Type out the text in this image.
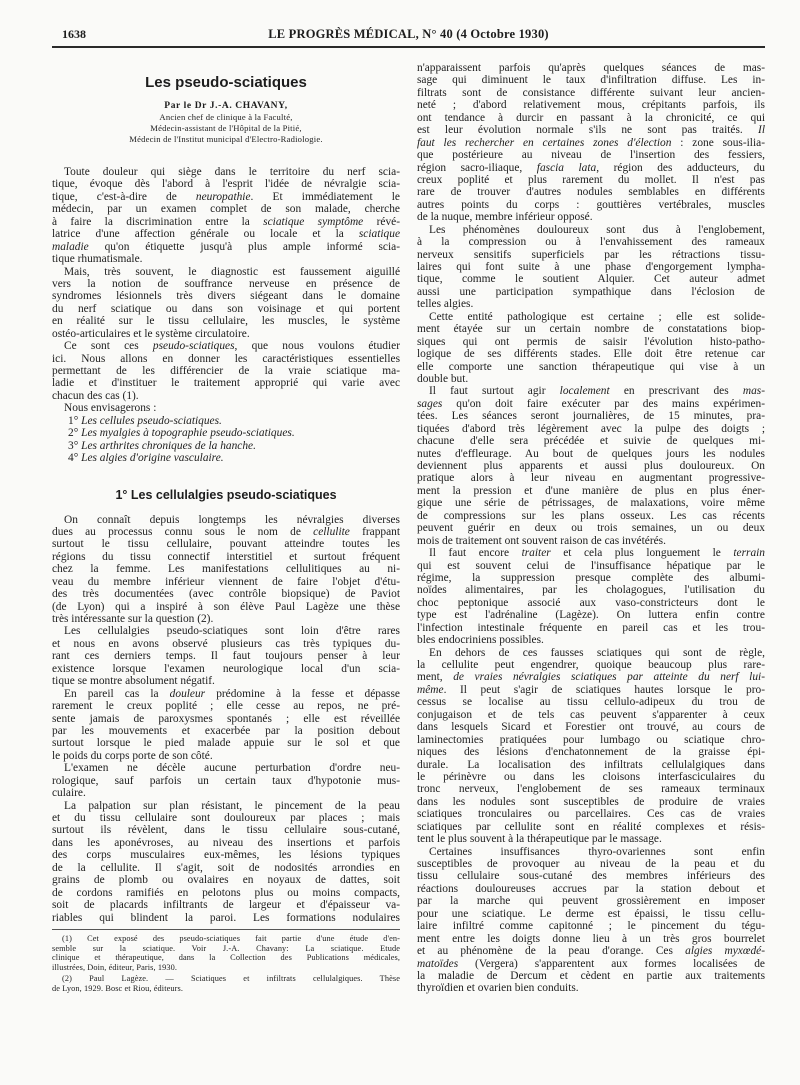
1638	LE PROGRÈS MÉDICAL, N° 40 (4 Octobre 1930)
Les pseudo-sciatiques
Par le Dr J.-A. CHAVANY,
Ancien chef de clinique à la Faculté,
Médecin-assistant de l'Hôpital de la Pitié,
Médecin de l'Institut municipal d'Electro-Radiologie.
Toute douleur qui siège dans le territoire du nerf scia-
tique, évoque dès l'abord à l'esprit l'idée de névralgie scia-
tique, c'est-à-dire de neuropathie. Et immédiatement le
médecin, par un examen complet de son malade, cherche
à faire la discrimination entre la sciatique symptôme révé-
latrice d'une affection générale ou locale et la sciatique
maladie qu'on étiquette jusqu'à plus ample informé scia-
tique rhumatismale.
Mais, très souvent, le diagnostic est faussement aiguillé
vers la notion de souffrance nerveuse en présence de
syndromes lésionnels très divers siégeant dans le domaine
du nerf sciatique ou dans son voisinage et qui portent
en réalité sur le tissu cellulaire, les muscles, le système
ostéo-articulaires et le système circulatoire.
Ce sont ces pseudo-sciatiques, que nous voulons étudier
ici. Nous allons en donner les caractéristiques essentielles
permettant de les différencier de la vraie sciatique ma-
ladie et d'instituer le traitement approprié qui varie avec
chacun des cas (1).
Nous envisagerons :
1° Les cellules pseudo-sciatiques.
2° Les myalgies à topographie pseudo-sciatiques.
3° Les arthrites chroniques de la hanche.
4° Les algies d'origine vasculaire.
1° Les cellulalgies pseudo-sciatiques
On connaît depuis longtemps les névralgies diverses
dues au processus connu sous le nom de cellulite frappant
surtout le tissu cellulaire, pouvant atteindre toutes les
régions du tissu connectif interstitiel et surtout fréquent
chez la femme. Les manifestations cellulitiques au ni-
veau du membre inférieur viennent de faire l'objet d'étu-
des très documentées (avec contrôle biopsique) de Paviot
(de Lyon) qui a inspiré à son élève Paul Lagèze une thèse
très intéressante sur la question (2).
Les cellulalgies pseudo-sciatiques sont loin d'être rares
et nous en avons observé plusieurs cas très typiques du-
rant ces derniers temps. Il faut toujours penser à leur
existence lorsque l'examen neurologique local d'un scia-
tique se montre absolument négatif.
En pareil cas la douleur prédomine à la fesse et dépasse
rarement le creux poplité ; elle cesse au repos, ne pré-
sente jamais de paroxysmes spontanés ; elle est réveillée
par les mouvements et exacerbée par la position debout
surtout lorsque le pied malade appuie sur le sol et que
le poids du corps porte de son côté.
L'examen ne décèle aucune perturbation d'ordre neu-
rologique, sauf parfois un certain taux d'hypotonie mus-
culaire.
La palpation sur plan résistant, le pincement de la peau
et du tissu cellulaire sont douloureux par places ; mais
surtout ils révèlent, dans le tissu cellulaire sous-cutané,
dans les aponévroses, au niveau des insertions et parfois
des corps musculaires eux-mêmes, les lésions typiques
de la cellulite. Il s'agit, soit de nodosités arrondies en
grains de plomb ou ovalaires en noyaux de dattes, soit
de cordons ramifiés en pelotons plus ou moins compacts,
soit de placards infiltrants de largeur et d'épaisseur va-
riables qui blindent la paroi. Les formations nodulaires
n'apparaissent parfois qu'après quelques séances de mas-
sage qui diminuent le taux d'infiltration diffuse. Les in-
filtrats sont de consistance différente suivant leur ancien-
neté ; d'abord relativement mous, crépitants parfois, ils
ont tendance à durcir en passant à la chronicité, ce qui
est leur évolution normale s'ils ne sont pas traités. Il
faut les rechercher en certaines zones d'élection : zone sous-ilia-
que postérieure au niveau de l'insertion des fessiers,
région sacro-iliaque, fascia lata, région des adducteurs, du
creux poplité et plus rarement du mollet. Il n'est pas
rare de trouver d'autres nodules semblables en différents
autres points du corps : gouttières vertébrales, muscles
de la nuque, membre inférieur opposé.
Les phénomènes douloureux sont dus à l'englobement,
à la compression ou à l'envahissement des rameaux
nerveux sensitifs superficiels par les rétractions tissu-
laires qui font suite à une phase d'engorgement lympha-
tique, comme le soutient Alquier. Cet auteur admet
aussi une participation sympathique dans l'éclosion de
telles algies.
Cette entité pathologique est certaine ; elle est solide-
ment étayée sur un certain nombre de constatations biop-
siques qui ont permis de saisir l'évolution histo-patho-
logique de ses différents stades. Elle doit être retenue car
elle comporte une sanction thérapeutique qui vise à un
double but.
Il faut surtout agir localement en prescrivant des mas-
sages qu'on doit faire exécuter par des mains expérimen-
tées. Les séances seront journalières, de 15 minutes, pra-
tiquées d'abord très légèrement avec la pulpe des doigts ;
chacune d'elle sera précédée et suivie de quelques mi-
nutes d'effleurage. Au bout de quelques jours les nodules
deviennent plus apparents et aussi plus douloureux. On
pratique alors à leur niveau en augmentant progressive-
ment la pression et d'une manière de plus en plus éner-
gique une série de pétrissages, de malaxations, voire même
de compressions sur les plans osseux. Les cas récents
peuvent guérir en deux ou trois semaines, un ou deux
mois de traitement ont souvent raison de cas invétérés.
Il faut encore traiter et cela plus longuement le terrain
qui est souvent celui de l'insuffisance hépatique par le
régime, la suppression presque complète des albumi-
noïdes alimentaires, par les cholagogues, l'utilisation du
choc peptonique associé aux vaso-constricteurs dont le
type est l'adrénaline (Lagèze). On luttera enfin contre
l'infection intestinale fréquente en pareil cas et les trou-
bles endocriniens possibles.
En dehors de ces fausses sciatiques qui sont de règle,
la cellulite peut engendrer, quoique beaucoup plus rare-
ment, de vraies névralgies sciatiques par atteinte du nerf lui-
même. Il peut s'agir de sciatiques hautes lorsque le pro-
cessus se localise au tissu cellulo-adipeux du trou de
conjugaison et de tels cas peuvent s'apparenter à ceux
dans lesquels Sicard et Forestier ont trouvé, au cours de
laminectomies pratiquées pour lumbago ou sciatique chro-
niques des lésions d'enchatonnement de la graisse épi-
durale. La localisation des infiltrats cellulalgiques dans
le périnèvre ou dans les cloisons interfasciculaires du
tronc nerveux, l'englobement de ses rameaux terminaux
dans les nodules sont susceptibles de produire de vraies
sciatiques tronculaires ou parcellaires. Ces cas de vraies
sciatiques par cellulite sont en réalité complexes et résis-
tent le plus souvent à la thérapeutique par le massage.
Certaines insuffisances thyro-ovariennes sont enfin
susceptibles de provoquer au niveau de la peau et du
tissu cellulaire sous-cutané des membres inférieurs des
réactions douloureuses accrues par la station debout et
par la marche qui peuvent grossièrement en imposer
pour une sciatique. Le derme est épaissi, le tissu cellu-
laire infiltré comme capitonné ; le pincement du tégu-
ment entre les doigts donne lieu à un très gros bourrelet
et au phénomène de la peau d'orange. Ces algies myxœdé-
matoïdes (Vergera) s'apparentent aux formes localisées de
la maladie de Dercum et cèdent en partie aux traitements
thyroïdien et ovarien bien conduits.
(1) Cet exposé des pseudo-sciatiques fait partie d'une étude d'en-
semble sur la sciatique. Voir J.-A. Chavany: La sciatique. Etude
clinique et thérapeutique, dans la Collection des Publications médicales,
illustrées, Doin, éditeur, Paris, 1930.
(2) Paul Lagèze. — Sciatiques et infiltrats cellulalgiques. Thèse
de Lyon, 1929. Bosc et Riou, éditeurs.
